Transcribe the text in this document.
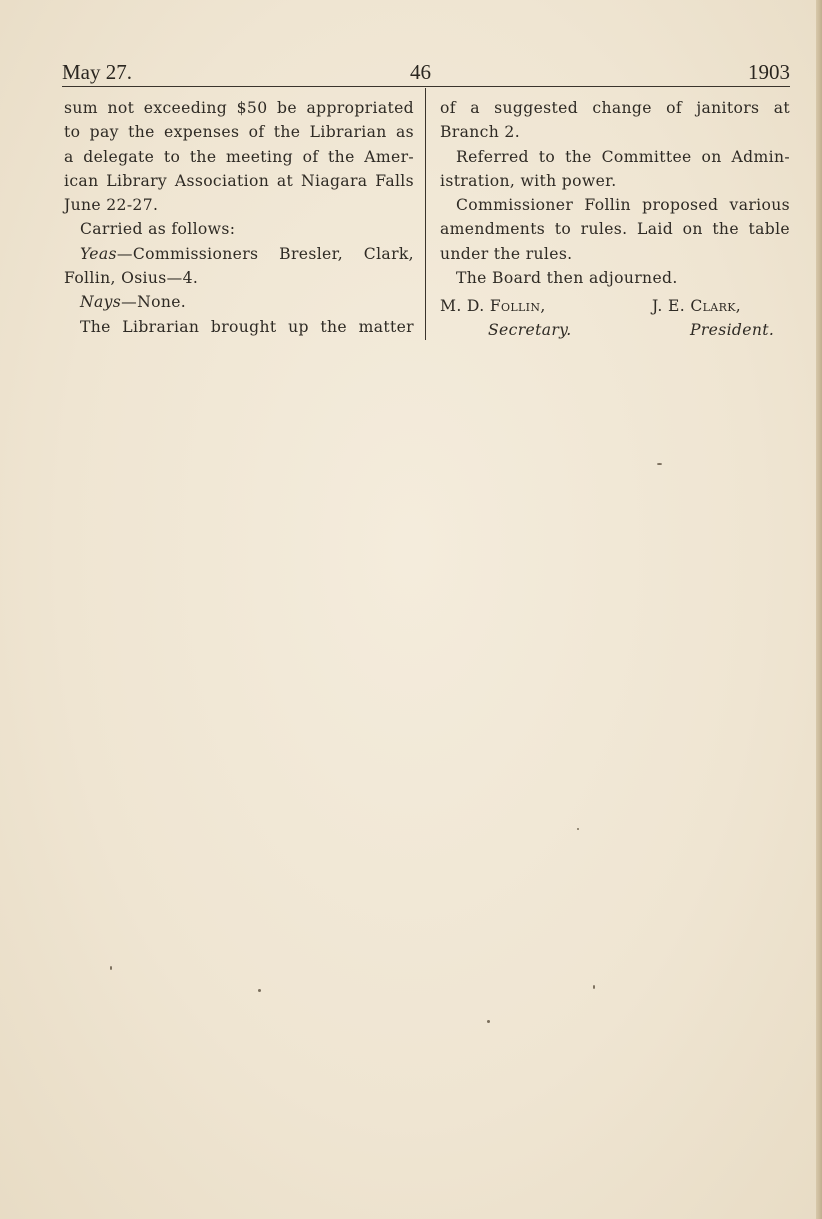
May 27.	46	1903

sum not exceeding $50 be appropriated

to pay the expenses of the Librarian as

a delegate to the meeting of the Amer-

ican Library Association at Niagara Falls

June 22-27.

Carried as follows:

Yeas—Commissioners Bresler, Clark,

Follin, Osius—4.

Nays—None.

The Librarian brought up the matter

of a suggested change of janitors at

Branch 2.

Referred to the Committee on Admin-

istration, with power.

Commissioner Follin proposed various

amendments to rules. Laid on the table

under the rules.

The Board then adjourned.

M. D. Follin,
Secretary.
J. E. Clark,
President.
